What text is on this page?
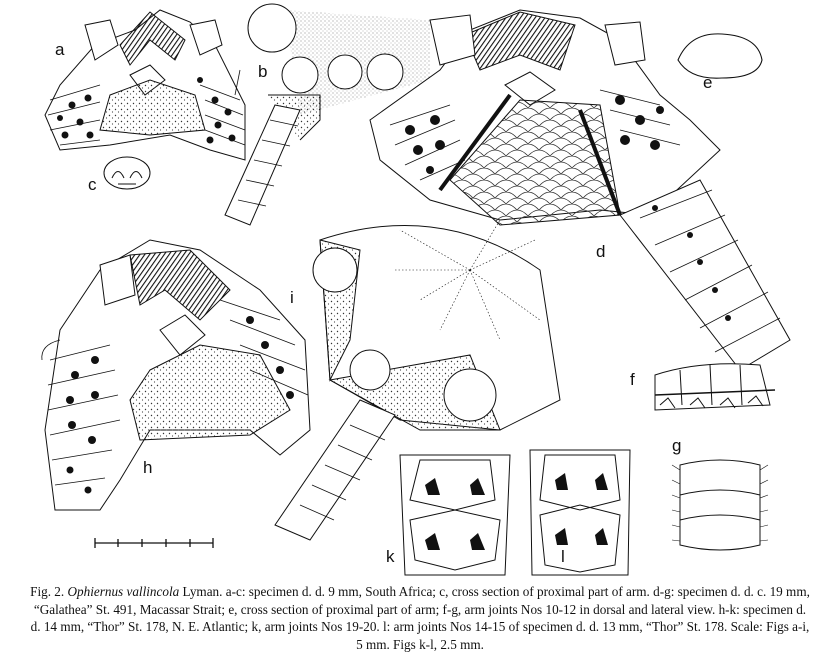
a
b
c
d
e
f
g
h
i
k	l
Fig. 2. Ophiernus vallincola Lyman. a-c: specimen d. d. 9 mm, South Africa; c, cross section of proximal part of arm. d-g: specimen d. d. c. 19 mm, “Galathea” St. 491, Macassar Strait; e, cross section of proximal part of arm; f-g, arm joints Nos 10-12 in dorsal and lateral view. h-k: specimen d. d. 14 mm, “Thor” St. 178, N. E. Atlantic; k, arm joints Nos 19-20. l: arm joints Nos 14-15 of specimen d. d. 13 mm, “Thor” St. 178. Scale: Figs a-i, 5 mm. Figs k-l, 2.5 mm.
